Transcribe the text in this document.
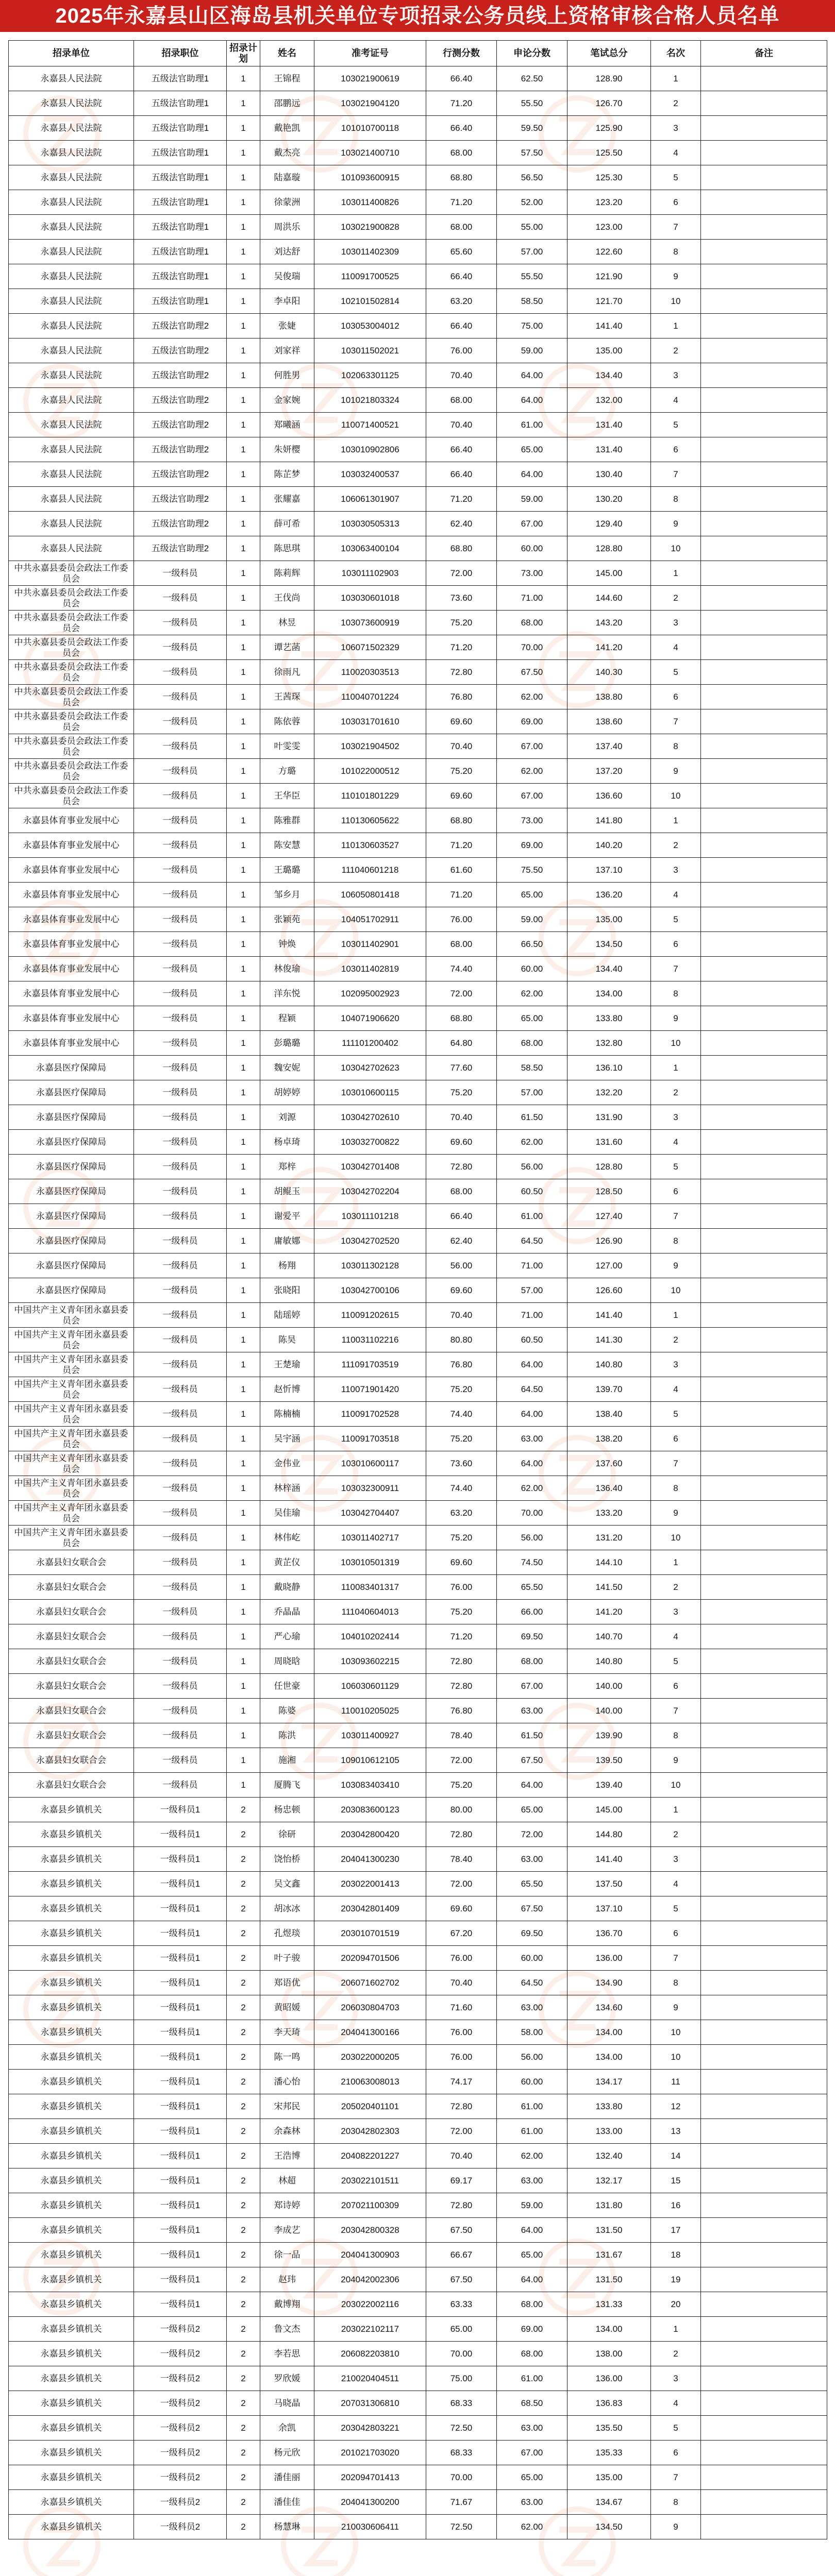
2025年永嘉县山区海岛县机关单位专项招录公务员线上资格审核合格人员名单
招录单位	招录职位	招录计划	姓名	准考证号	行测分数	申论分数	笔试总分	名次	备注
永嘉县人民法院	五级法官助理1	1	王锦程	103021900619	66.40	62.50	128.90	1	
永嘉县人民法院	五级法官助理1	1	邵鹏远	103021904120	71.20	55.50	126.70	2	
永嘉县人民法院	五级法官助理1	1	戴艳凯	101010700118	66.40	59.50	125.90	3	
永嘉县人民法院	五级法官助理1	1	戴杰亮	103021400710	68.00	57.50	125.50	4	
永嘉县人民法院	五级法官助理1	1	陆嘉璇	101093600915	68.80	56.50	125.30	5	
永嘉县人民法院	五级法官助理1	1	徐蒙洲	103011400826	71.20	52.00	123.20	6	
永嘉县人民法院	五级法官助理1	1	周洪乐	103021900828	68.00	55.00	123.00	7	
永嘉县人民法院	五级法官助理1	1	刘达舒	103011402309	65.60	57.00	122.60	8	
永嘉县人民法院	五级法官助理1	1	吴俊瑞	110091700525	66.40	55.50	121.90	9	
永嘉县人民法院	五级法官助理1	1	李卓阳	102101502814	63.20	58.50	121.70	10	
永嘉县人民法院	五级法官助理2	1	张婕	103053004012	66.40	75.00	141.40	1	
永嘉县人民法院	五级法官助理2	1	刘家祥	103011502021	76.00	59.00	135.00	2	
永嘉县人民法院	五级法官助理2	1	何胜男	102063301125	70.40	64.00	134.40	3	
永嘉县人民法院	五级法官助理2	1	金家婉	101021803324	68.00	64.00	132.00	4	
永嘉县人民法院	五级法官助理2	1	郑曦涵	110071400521	70.40	61.00	131.40	5	
永嘉县人民法院	五级法官助理2	1	朱妍樱	103010902806	66.40	65.00	131.40	6	
永嘉县人民法院	五级法官助理2	1	陈芷梦	103032400537	66.40	64.00	130.40	7	
永嘉县人民法院	五级法官助理2	1	张耀嘉	106061301907	71.20	59.00	130.20	8	
永嘉县人民法院	五级法官助理2	1	薛可希	103030505313	62.40	67.00	129.40	9	
永嘉县人民法院	五级法官助理2	1	陈思琪	103063400104	68.80	60.00	128.80	10	
中共永嘉县委员会政法工作委员会	一级科员	1	陈莉辉	103011102903	72.00	73.00	145.00	1	
中共永嘉县委员会政法工作委员会	一级科员	1	王伐尚	103030601018	73.60	71.00	144.60	2	
中共永嘉县委员会政法工作委员会	一级科员	1	林昱	103073600919	75.20	68.00	143.20	3	
中共永嘉县委员会政法工作委员会	一级科员	1	谭艺菡	106071502329	71.20	70.00	141.20	4	
中共永嘉县委员会政法工作委员会	一级科员	1	徐雨凡	110020303513	72.80	67.50	140.30	5	
中共永嘉县委员会政法工作委员会	一级科员	1	王茜琛	110040701224	76.80	62.00	138.80	6	
中共永嘉县委员会政法工作委员会	一级科员	1	陈依蓉	103031701610	69.60	69.00	138.60	7	
中共永嘉县委员会政法工作委员会	一级科员	1	叶雯雯	103021904502	70.40	67.00	137.40	8	
中共永嘉县委员会政法工作委员会	一级科员	1	方璐	101022000512	75.20	62.00	137.20	9	
中共永嘉县委员会政法工作委员会	一级科员	1	王华臣	110101801229	69.60	67.00	136.60	10	
永嘉县体育事业发展中心	一级科员	1	陈雅群	110130605622	68.80	73.00	141.80	1	
永嘉县体育事业发展中心	一级科员	1	陈安慧	110130603527	71.20	69.00	140.20	2	
永嘉县体育事业发展中心	一级科员	1	王璐璐	111040601218	61.60	75.50	137.10	3	
永嘉县体育事业发展中心	一级科员	1	邹乡月	106050801418	71.20	65.00	136.20	4	
永嘉县体育事业发展中心	一级科员	1	张颖苑	104051702911	76.00	59.00	135.00	5	
永嘉县体育事业发展中心	一级科员	1	钟焕	103011402901	68.00	66.50	134.50	6	
永嘉县体育事业发展中心	一级科员	1	林俊瑜	103011402819	74.40	60.00	134.40	7	
永嘉县体育事业发展中心	一级科员	1	洋东悦	102095002923	72.00	62.00	134.00	8	
永嘉县体育事业发展中心	一级科员	1	程颖	104071906620	68.80	65.00	133.80	9	
永嘉县体育事业发展中心	一级科员	1	彭璐璐	111101200402	64.80	68.00	132.80	10	
永嘉县医疗保障局	一级科员	1	魏安妮	103042702623	77.60	58.50	136.10	1	
永嘉县医疗保障局	一级科员	1	胡婷婷	103010600115	75.20	57.00	132.20	2	
永嘉县医疗保障局	一级科员	1	刘源	103042702610	70.40	61.50	131.90	3	
永嘉县医疗保障局	一级科员	1	杨卓琦	103032700822	69.60	62.00	131.60	4	
永嘉县医疗保障局	一级科员	1	郑梓	103042701408	72.80	56.00	128.80	5	
永嘉县医疗保障局	一级科员	1	胡鲲玉	103042702204	68.00	60.50	128.50	6	
永嘉县医疗保障局	一级科员	1	谢爱平	103011101218	66.40	61.00	127.40	7	
永嘉县医疗保障局	一级科员	1	庸敏娜	103042702520	62.40	64.50	126.90	8	
永嘉县医疗保障局	一级科员	1	杨翔	103011302128	56.00	71.00	127.00	9	
永嘉县医疗保障局	一级科员	1	张晓阳	103042700106	69.60	57.00	126.60	10	
中国共产主义青年团永嘉县委员会	一级科员	1	陆瑶婷	110091202615	70.40	71.00	141.40	1	
中国共产主义青年团永嘉县委员会	一级科员	1	陈昊	110031102216	80.80	60.50	141.30	2	
中国共产主义青年团永嘉县委员会	一级科员	1	王楚瑜	111091703519	76.80	64.00	140.80	3	
中国共产主义青年团永嘉县委员会	一级科员	1	赵忻博	110071901420	75.20	64.50	139.70	4	
中国共产主义青年团永嘉县委员会	一级科员	1	陈楠楠	110091702528	74.40	64.00	138.40	5	
中国共产主义青年团永嘉县委员会	一级科员	1	吴宇涵	110091703518	75.20	63.00	138.20	6	
中国共产主义青年团永嘉县委员会	一级科员	1	金伟业	103010600117	73.60	64.00	137.60	7	
中国共产主义青年团永嘉县委员会	一级科员	1	林梓涵	103032300911	74.40	62.00	136.40	8	
中国共产主义青年团永嘉县委员会	一级科员	1	吴佳瑜	103042704407	63.20	70.00	133.20	9	
中国共产主义青年团永嘉县委员会	一级科员	1	林伟屹	103011402717	75.20	56.00	131.20	10	
永嘉县妇女联合会	一级科员	1	黄芷仪	103010501319	69.60	74.50	144.10	1	
永嘉县妇女联合会	一级科员	1	戴晓静	110083401317	76.00	65.50	141.50	2	
永嘉县妇女联合会	一级科员	1	乔晶晶	111040604013	75.20	66.00	141.20	3	
永嘉县妇女联合会	一级科员	1	严心瑜	104010202414	71.20	69.50	140.70	4	
永嘉县妇女联合会	一级科员	1	周晓晗	103093602215	72.80	68.00	140.80	5	
永嘉县妇女联合会	一级科员	1	任世豪	106030601129	72.80	67.00	140.00	6	
永嘉县妇女联合会	一级科员	1	陈婆	110010205025	76.80	63.00	140.00	7	
永嘉县妇女联合会	一级科员	1	陈洪	103011400927	78.40	61.50	139.90	8	
永嘉县妇女联合会	一级科员	1	施湘	109010612105	72.00	67.50	139.50	9	
永嘉县妇女联合会	一级科员	1	厦腾飞	103083403410	75.20	64.00	139.40	10	
永嘉县乡镇机关	一级科员1	2	杨忠顿	203083600123	80.00	65.00	145.00	1	
永嘉县乡镇机关	一级科员1	2	徐研	203042800420	72.80	72.00	144.80	2	
永嘉县乡镇机关	一级科员1	2	饶怡桥	204041300230	78.40	63.00	141.40	3	
永嘉县乡镇机关	一级科员1	2	吴文鑫	203022001413	72.00	65.50	137.50	4	
永嘉县乡镇机关	一级科员1	2	胡冰冰	203042801409	69.60	67.50	137.10	5	
永嘉县乡镇机关	一级科员1	2	孔煜琰	203010701519	67.20	69.50	136.70	6	
永嘉县乡镇机关	一级科员1	2	叶子骏	202094701506	76.00	60.00	136.00	7	
永嘉县乡镇机关	一级科员1	2	郑语优	206071602702	70.40	64.50	134.90	8	
永嘉县乡镇机关	一级科员1	2	黄昭媛	206030804703	71.60	63.00	134.60	9	
永嘉县乡镇机关	一级科员1	2	李天琦	204041300166	76.00	58.00	134.00	10	
永嘉县乡镇机关	一级科员1	2	陈一鸣	203022000205	76.00	56.00	134.00	10	
永嘉县乡镇机关	一级科员1	2	潘心怡	210063008013	74.17	60.00	134.17	11	
永嘉县乡镇机关	一级科员1	2	宋邦民	205020401101	72.80	61.00	133.80	12	
永嘉县乡镇机关	一级科员1	2	余森林	203042802303	72.00	61.00	133.00	13	
永嘉县乡镇机关	一级科员1	2	王浩博	204082201227	70.40	62.00	132.40	14	
永嘉县乡镇机关	一级科员1	2	林超	203022101511	69.17	63.00	132.17	15	
永嘉县乡镇机关	一级科员1	2	郑诗婷	207021100309	72.80	59.00	131.80	16	
永嘉县乡镇机关	一级科员1	2	李成艺	203042800328	67.50	64.00	131.50	17	
永嘉县乡镇机关	一级科员1	2	徐一品	204041300903	66.67	65.00	131.67	18	
永嘉县乡镇机关	一级科员1	2	赵玮	204042002306	67.50	64.00	131.50	19	
永嘉县乡镇机关	一级科员1	2	戴博翔	203022002116	63.33	68.00	131.33	20	
永嘉县乡镇机关	一级科员2	2	鲁文杰	203022102117	65.00	69.00	134.00	1	
永嘉县乡镇机关	一级科员2	2	李若思	206082203810	70.00	68.00	138.00	2	
永嘉县乡镇机关	一级科员2	2	罗欣媛	210020404511	75.00	61.00	136.00	3	
永嘉县乡镇机关	一级科员2	2	马晓晶	207031306810	68.33	68.50	136.83	4	
永嘉县乡镇机关	一级科员2	2	余凯	203042803221	72.50	63.00	135.50	5	
永嘉县乡镇机关	一级科员2	2	杨元欣	201021703020	68.33	67.00	135.33	6	
永嘉县乡镇机关	一级科员2	2	潘佳丽	202094701413	70.00	65.00	135.00	7	
永嘉县乡镇机关	一级科员2	2	潘佳佳	204041300200	71.67	63.00	134.67	8	
永嘉县乡镇机关	一级科员2	2	杨慧琳	210030606411	72.50	62.00	134.50	9	
